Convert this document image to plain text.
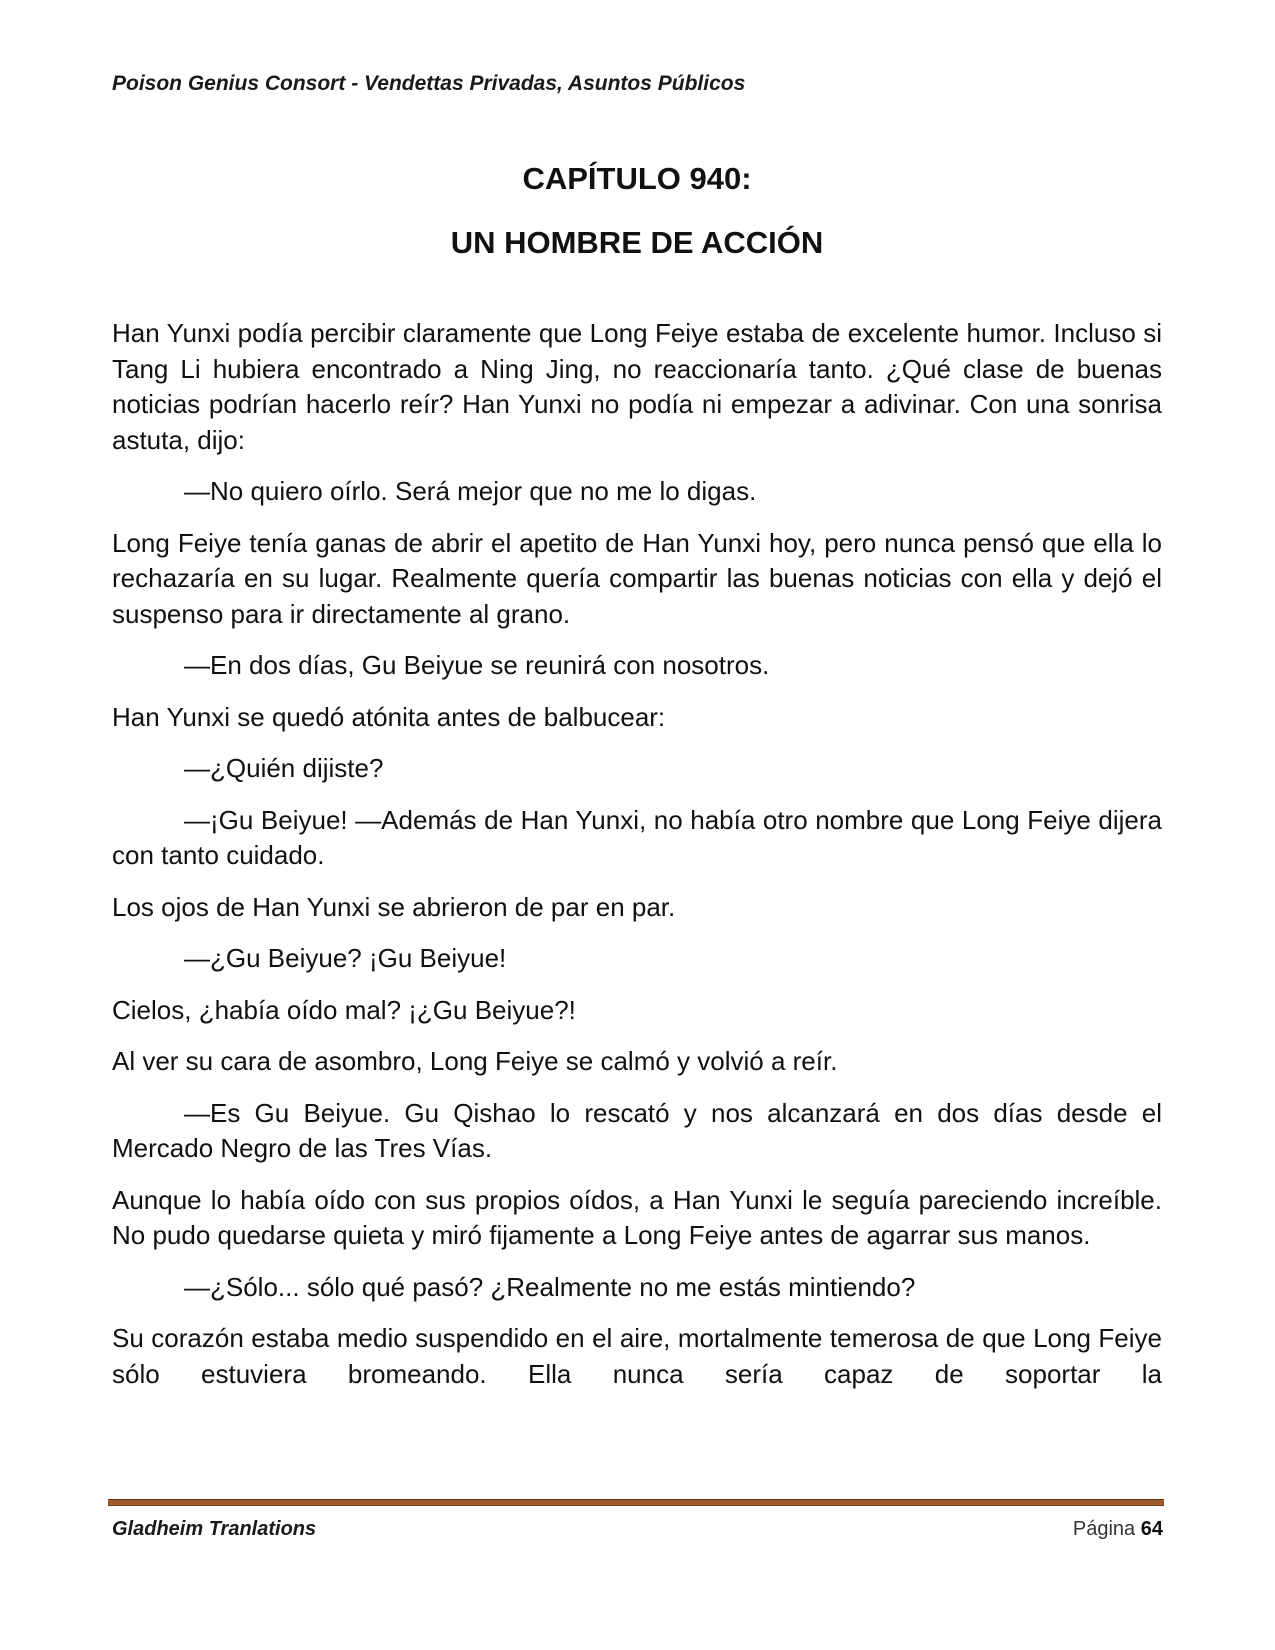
Poison Genius Consort - Vendettas Privadas, Asuntos Públicos
CAPÍTULO 940:
UN HOMBRE DE ACCIÓN

Han Yunxi podía percibir claramente que Long Feiye estaba de excelente humor. Incluso si Tang Li hubiera encontrado a Ning Jing, no reaccionaría tanto. ¿Qué clase de buenas noticias podrían hacerlo reír? Han Yunxi no podía ni empezar a adivinar. Con una sonrisa astuta, dijo:

—No quiero oírlo. Será mejor que no me lo digas.

Long Feiye tenía ganas de abrir el apetito de Han Yunxi hoy, pero nunca pensó que ella lo rechazaría en su lugar. Realmente quería compartir las buenas noticias con ella y dejó el suspenso para ir directamente al grano.

—En dos días, Gu Beiyue se reunirá con nosotros.

Han Yunxi se quedó atónita antes de balbucear:

—¿Quién dijiste?

—¡Gu Beiyue! —Además de Han Yunxi, no había otro nombre que Long Feiye dijera con tanto cuidado.

Los ojos de Han Yunxi se abrieron de par en par.

—¿Gu Beiyue? ¡Gu Beiyue!

Cielos, ¿había oído mal? ¡¿Gu Beiyue?!

Al ver su cara de asombro, Long Feiye se calmó y volvió a reír.

—Es Gu Beiyue. Gu Qishao lo rescató y nos alcanzará en dos días desde el Mercado Negro de las Tres Vías.

Aunque lo había oído con sus propios oídos, a Han Yunxi le seguía pareciendo increíble. No pudo quedarse quieta y miró fijamente a Long Feiye antes de agarrar sus manos.

—¿Sólo... sólo qué pasó? ¿Realmente no me estás mintiendo?

Su corazón estaba medio suspendido en el aire, mortalmente temerosa de que Long Feiye sólo estuviera bromeando. Ella nunca sería capaz de soportar la

Gladheim Tranlations	Página 64
